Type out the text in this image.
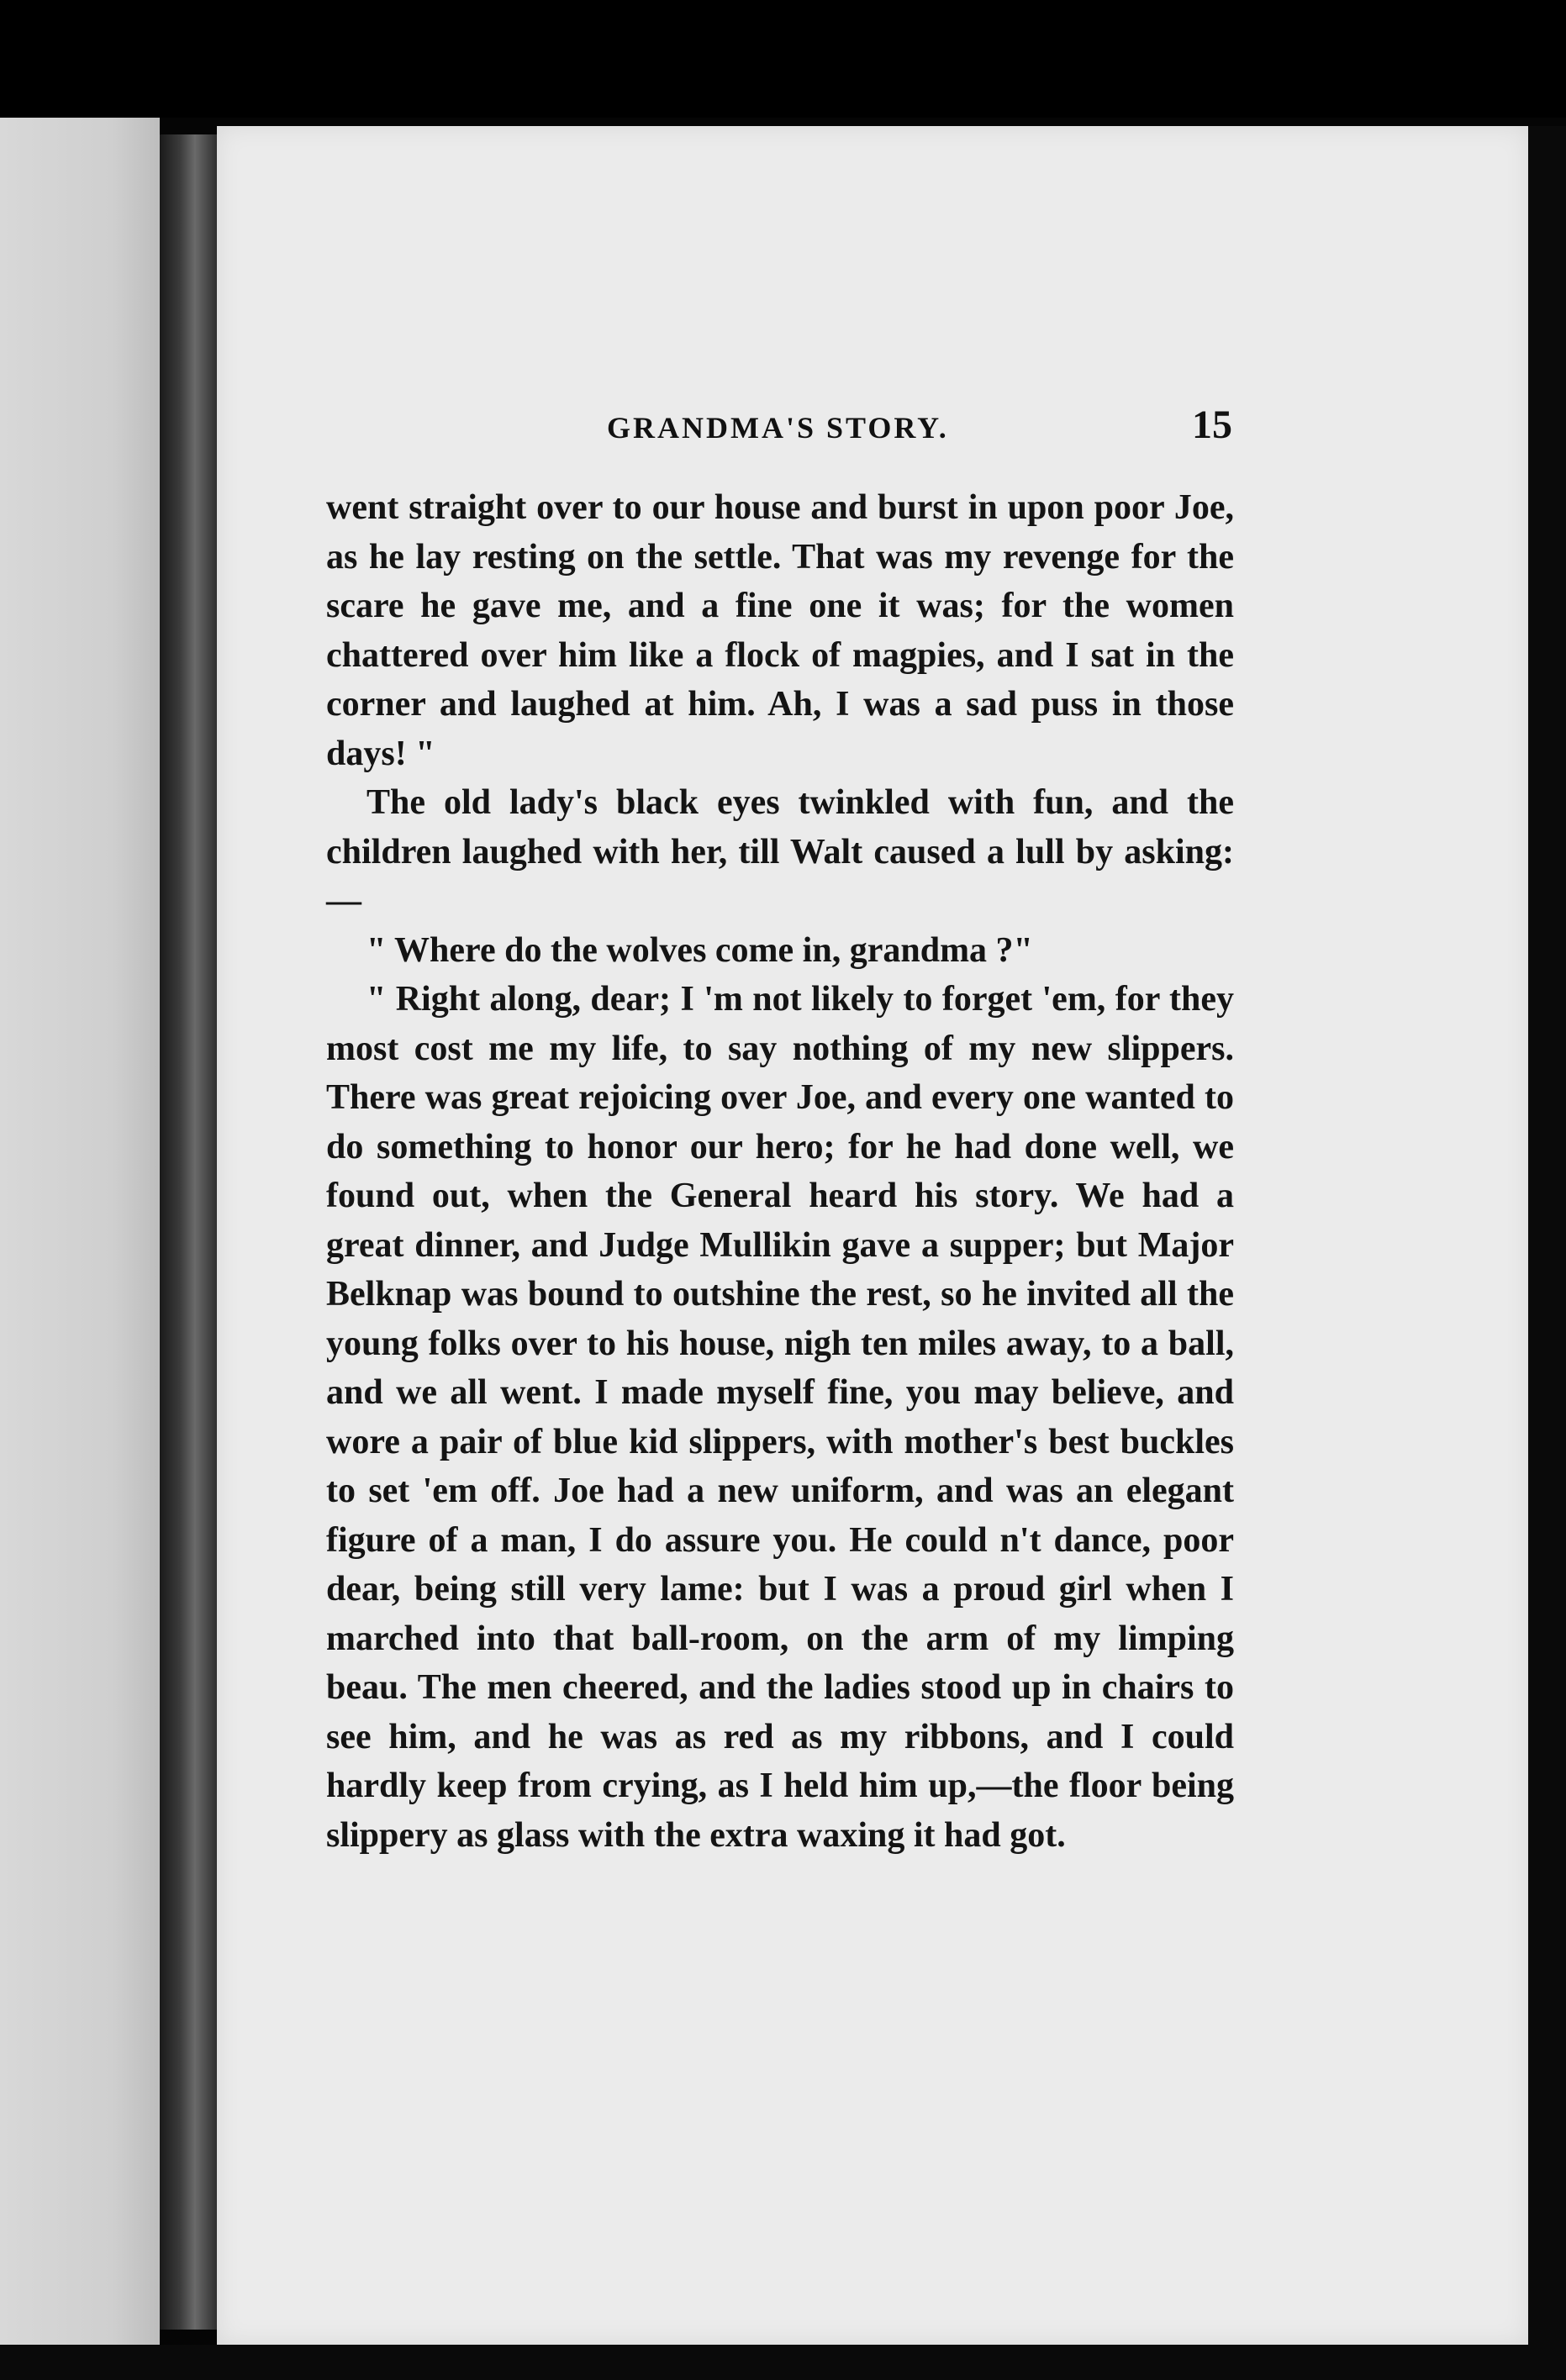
GRANDMA'S STORY.	15

went straight over to our house and burst in upon poor Joe, as he lay resting on the settle. That was my revenge for the scare he gave me, and a fine one it was; for the women chattered over him like a flock of magpies, and I sat in the corner and laughed at him. Ah, I was a sad puss in those days! "

The old lady's black eyes twinkled with fun, and the children laughed with her, till Walt caused a lull by asking:—

" Where do the wolves come in, grandma ?"

" Right along, dear; I 'm not likely to forget 'em, for they most cost me my life, to say nothing of my new slippers. There was great rejoicing over Joe, and every one wanted to do something to honor our hero; for he had done well, we found out, when the General heard his story. We had a great dinner, and Judge Mullikin gave a supper; but Major Belknap was bound to outshine the rest, so he invited all the young folks over to his house, nigh ten miles away, to a ball, and we all went. I made myself fine, you may believe, and wore a pair of blue kid slippers, with mother's best buckles to set 'em off. Joe had a new uniform, and was an elegant figure of a man, I do assure you. He could n't dance, poor dear, being still very lame: but I was a proud girl when I marched into that ball-room, on the arm of my limping beau. The men cheered, and the ladies stood up in chairs to see him, and he was as red as my ribbons, and I could hardly keep from crying, as I held him up,—the floor being slippery as glass with the extra waxing it had got.
